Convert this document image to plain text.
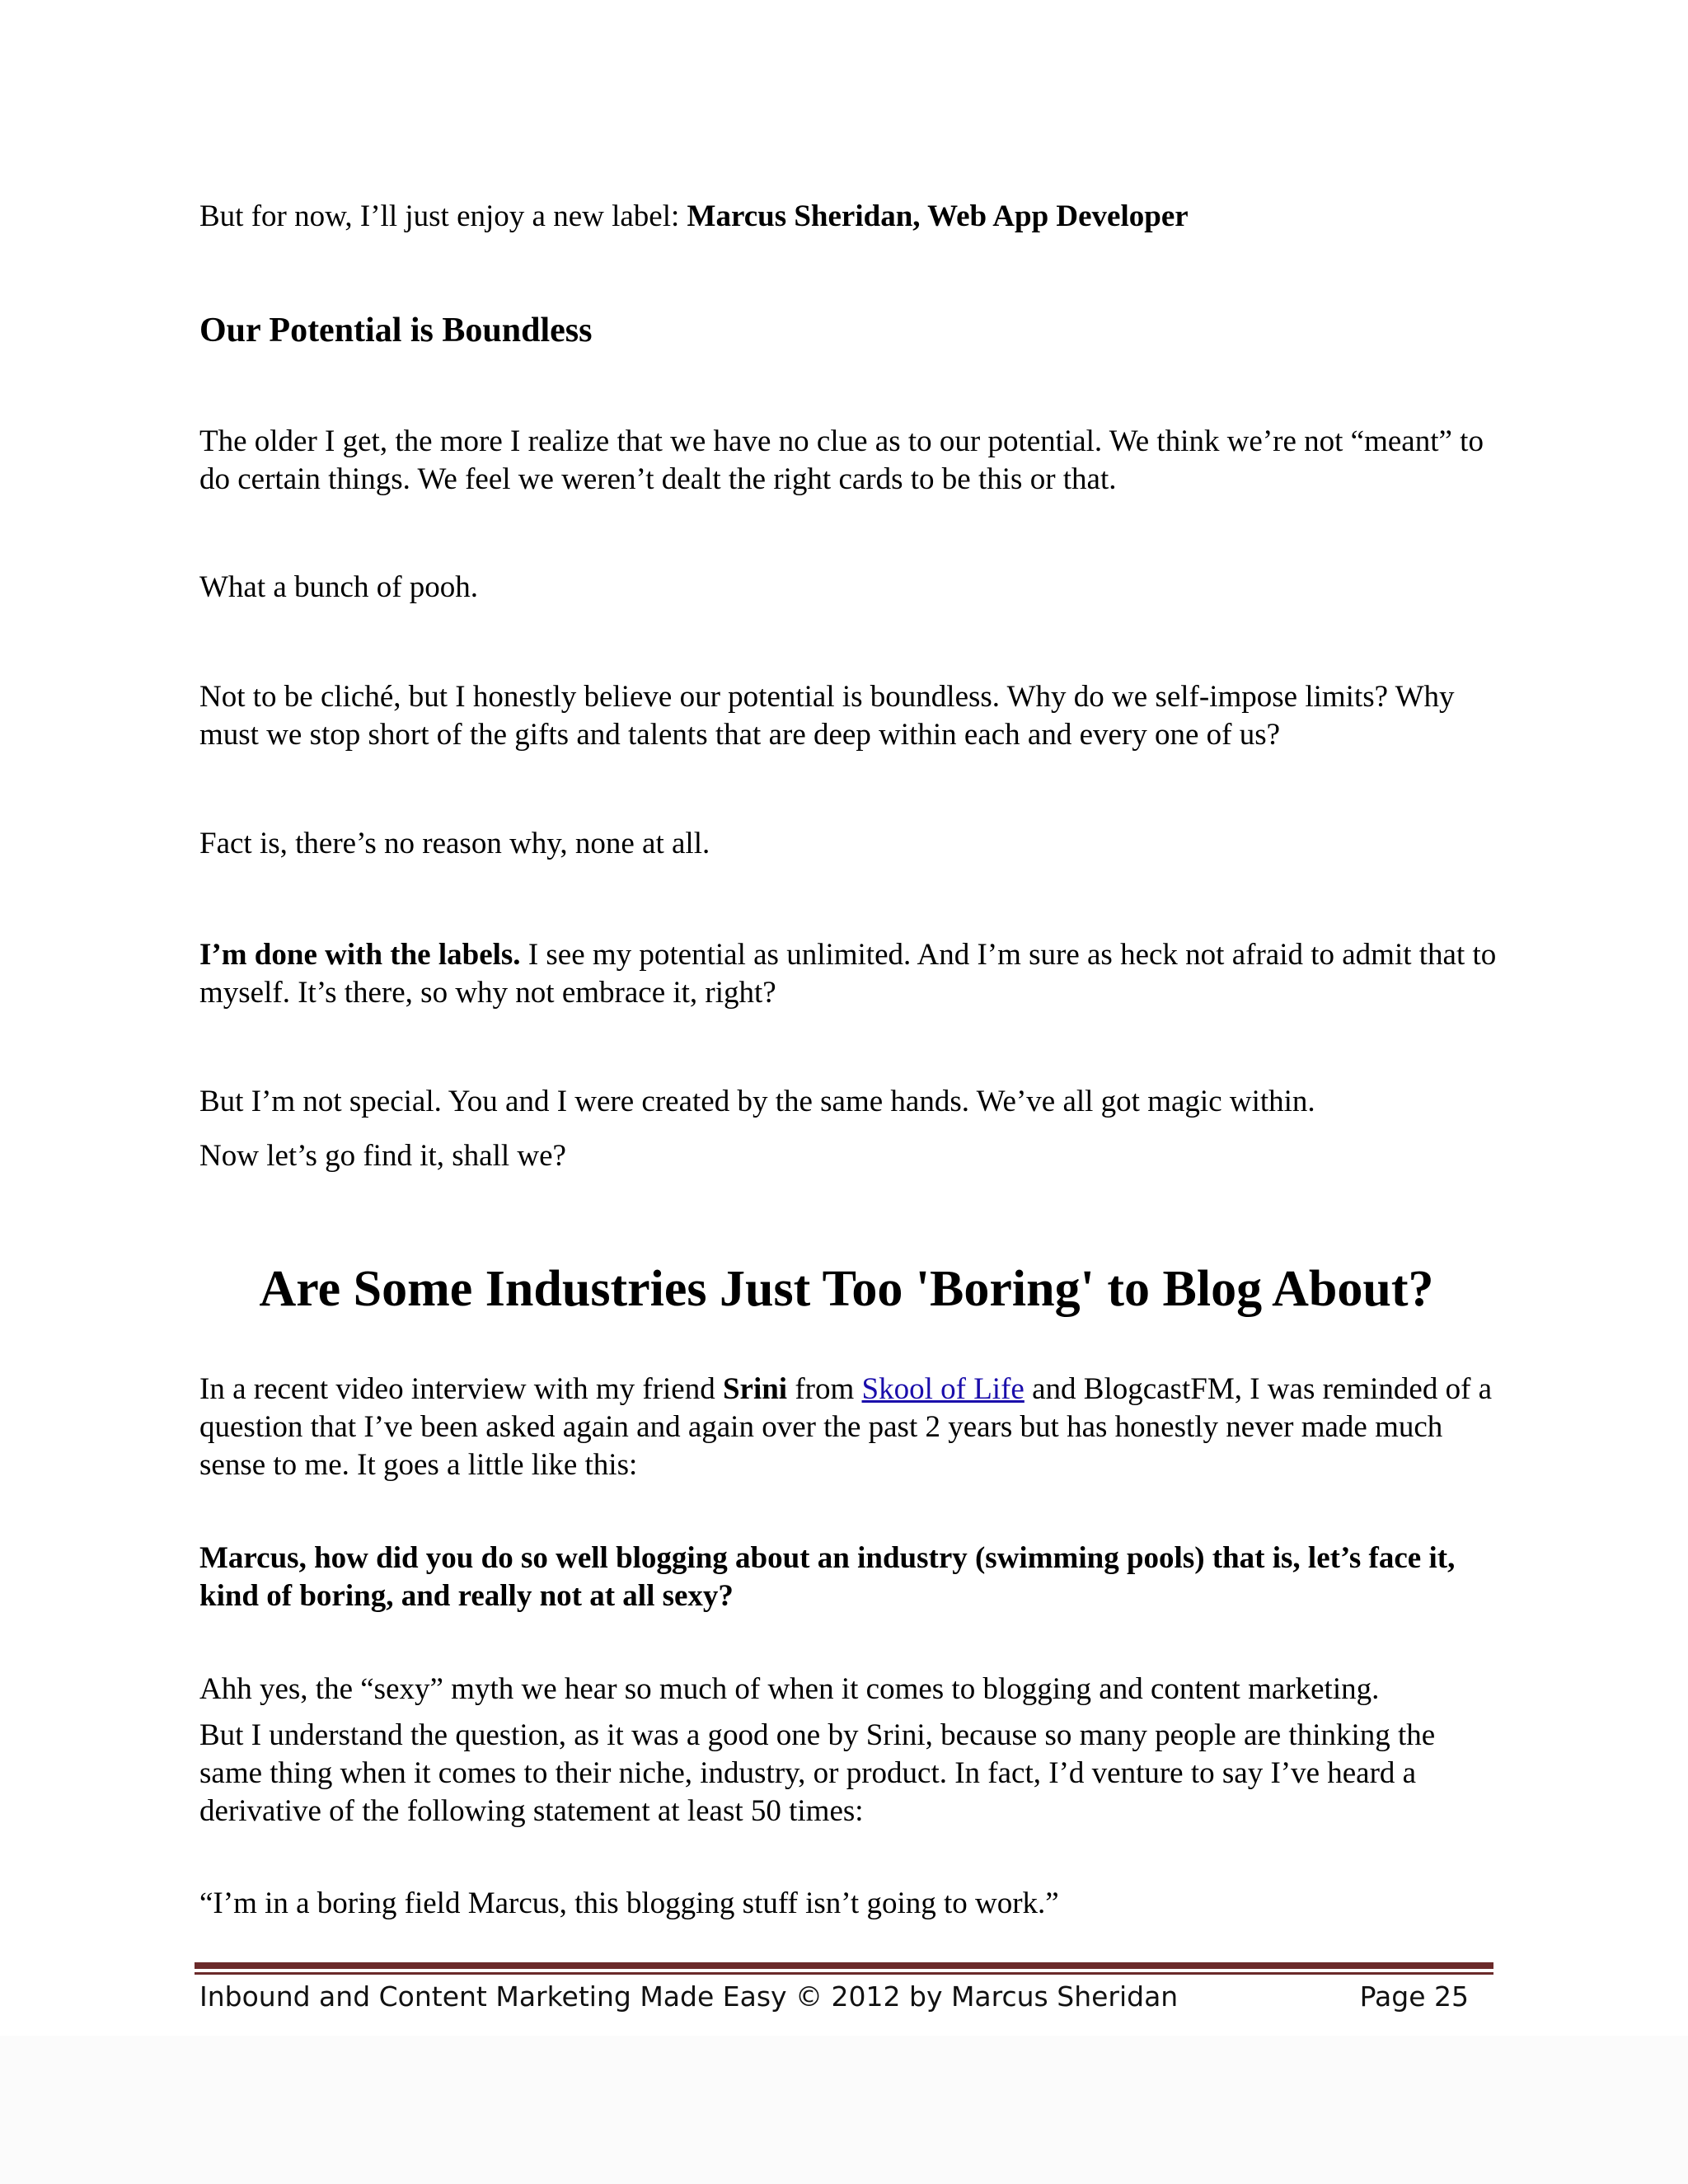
But for now, I’ll just enjoy a new label: Marcus Sheridan, Web App Developer

Our Potential is Boundless

The older I get, the more I realize that we have no clue as to our potential. We think we’re not “meant” to do certain things. We feel we weren’t dealt the right cards to be this or that.

What a bunch of pooh.

Not to be cliché, but I honestly believe our potential is boundless. Why do we self-impose limits? Why must we stop short of the gifts and talents that are deep within each and every one of us?

Fact is, there’s no reason why, none at all.

I’m done with the labels. I see my potential as unlimited. And I’m sure as heck not afraid to admit that to myself. It’s there, so why not embrace it, right?

But I’m not special. You and I were created by the same hands. We’ve all got magic within.

Now let’s go find it, shall we?

Are Some Industries Just Too 'Boring' to Blog About?

In a recent video interview with my friend Srini from Skool of Life and BlogcastFM, I was reminded of a question that I’ve been asked again and again over the past 2 years but has honestly never made much sense to me. It goes a little like this:

Marcus, how did you do so well blogging about an industry (swimming pools) that is, let’s face it, kind of boring, and really not at all sexy?

Ahh yes, the “sexy” myth we hear so much of when it comes to blogging and content marketing.

But I understand the question, as it was a good one by Srini, because so many people are thinking the same thing when it comes to their niche, industry, or product. In fact, I’d venture to say I’ve heard a derivative of the following statement at least 50 times:

“I’m in a boring field Marcus, this blogging stuff isn’t going to work.”

Inbound and Content Marketing Made Easy © 2012 by Marcus Sheridan	Page 25
